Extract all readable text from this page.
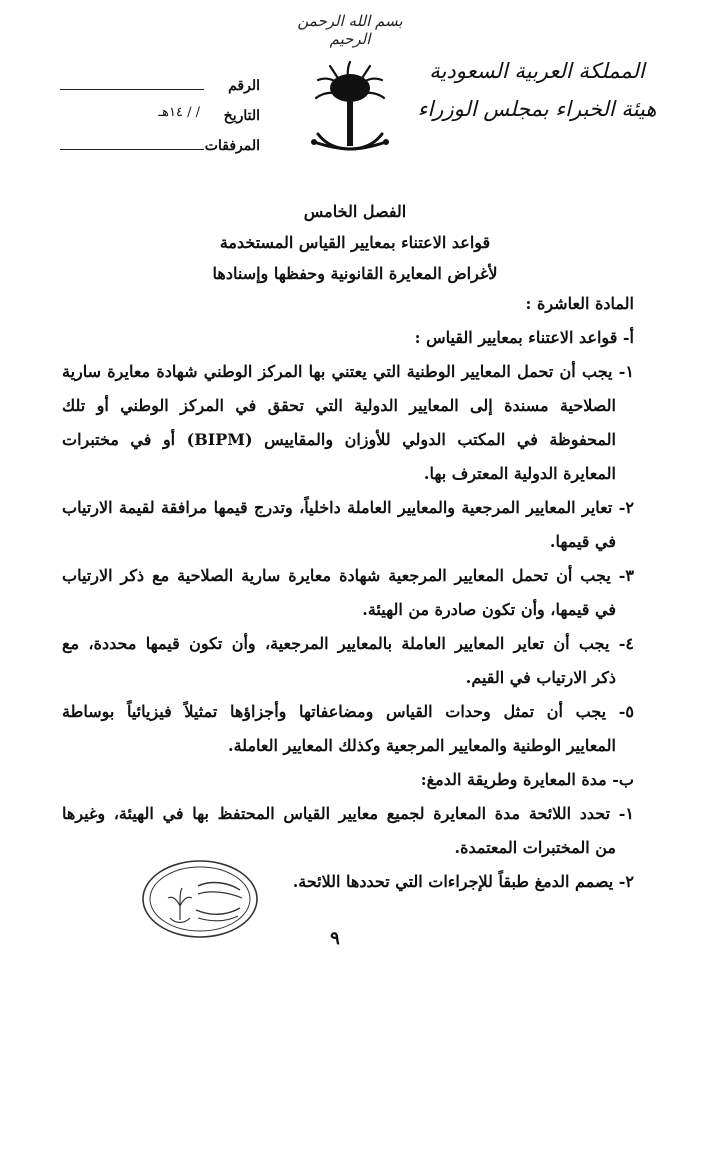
بسم الله الرحمن الرحيم
المملكة العربية السعودية
هيئة الخبراء بمجلس الوزراء
الرقم
التاريخ
/ / ١٤هـ
المرفقات
الفصل الخامس
قواعد الاعتناء بمعايير القياس المستخدمة
لأغراض المعايرة القانونية وحفظها وإسنادها
المادة العاشرة :
أ- قواعد الاعتناء بمعايير القياس :
١- يجب أن تحمل المعايير الوطنية التي يعتني بها المركز الوطني شهادة معايرة سارية
الصلاحية مسندة إلى المعايير الدولية التي تحقق في المركز الوطني أو تلك
المحفوظة في المكتب الدولي للأوزان والمقاييس (BIPM) أو في مختبرات
المعايرة الدولية المعترف بها.
٢- تعاير المعايير المرجعية والمعايير العاملة داخلياً، وتدرج قيمها مرافقة لقيمة الارتياب
في قيمها.
٣- يجب أن تحمل المعايير المرجعية شهادة معايرة سارية الصلاحية مع ذكر الارتياب
في قيمها، وأن تكون صادرة من الهيئة.
٤- يجب أن تعاير المعايير العاملة بالمعايير المرجعية، وأن تكون قيمها محددة، مع
ذكر الارتياب في القيم.
٥- يجب أن تمثل وحدات القياس ومضاعفاتها وأجزاؤها تمثيلاً فيزيائياً بوساطة
المعايير الوطنية والمعايير المرجعية وكذلك المعايير العاملة.
ب- مدة المعايرة وطريقة الدمغ:
١- تحدد اللائحة مدة المعايرة لجميع معايير القياس المحتفظ بها في الهيئة، وغيرها
من المختبرات المعتمدة.
٢- يصمم الدمغ طبقاً للإجراءات التي تحددها اللائحة.
٩
